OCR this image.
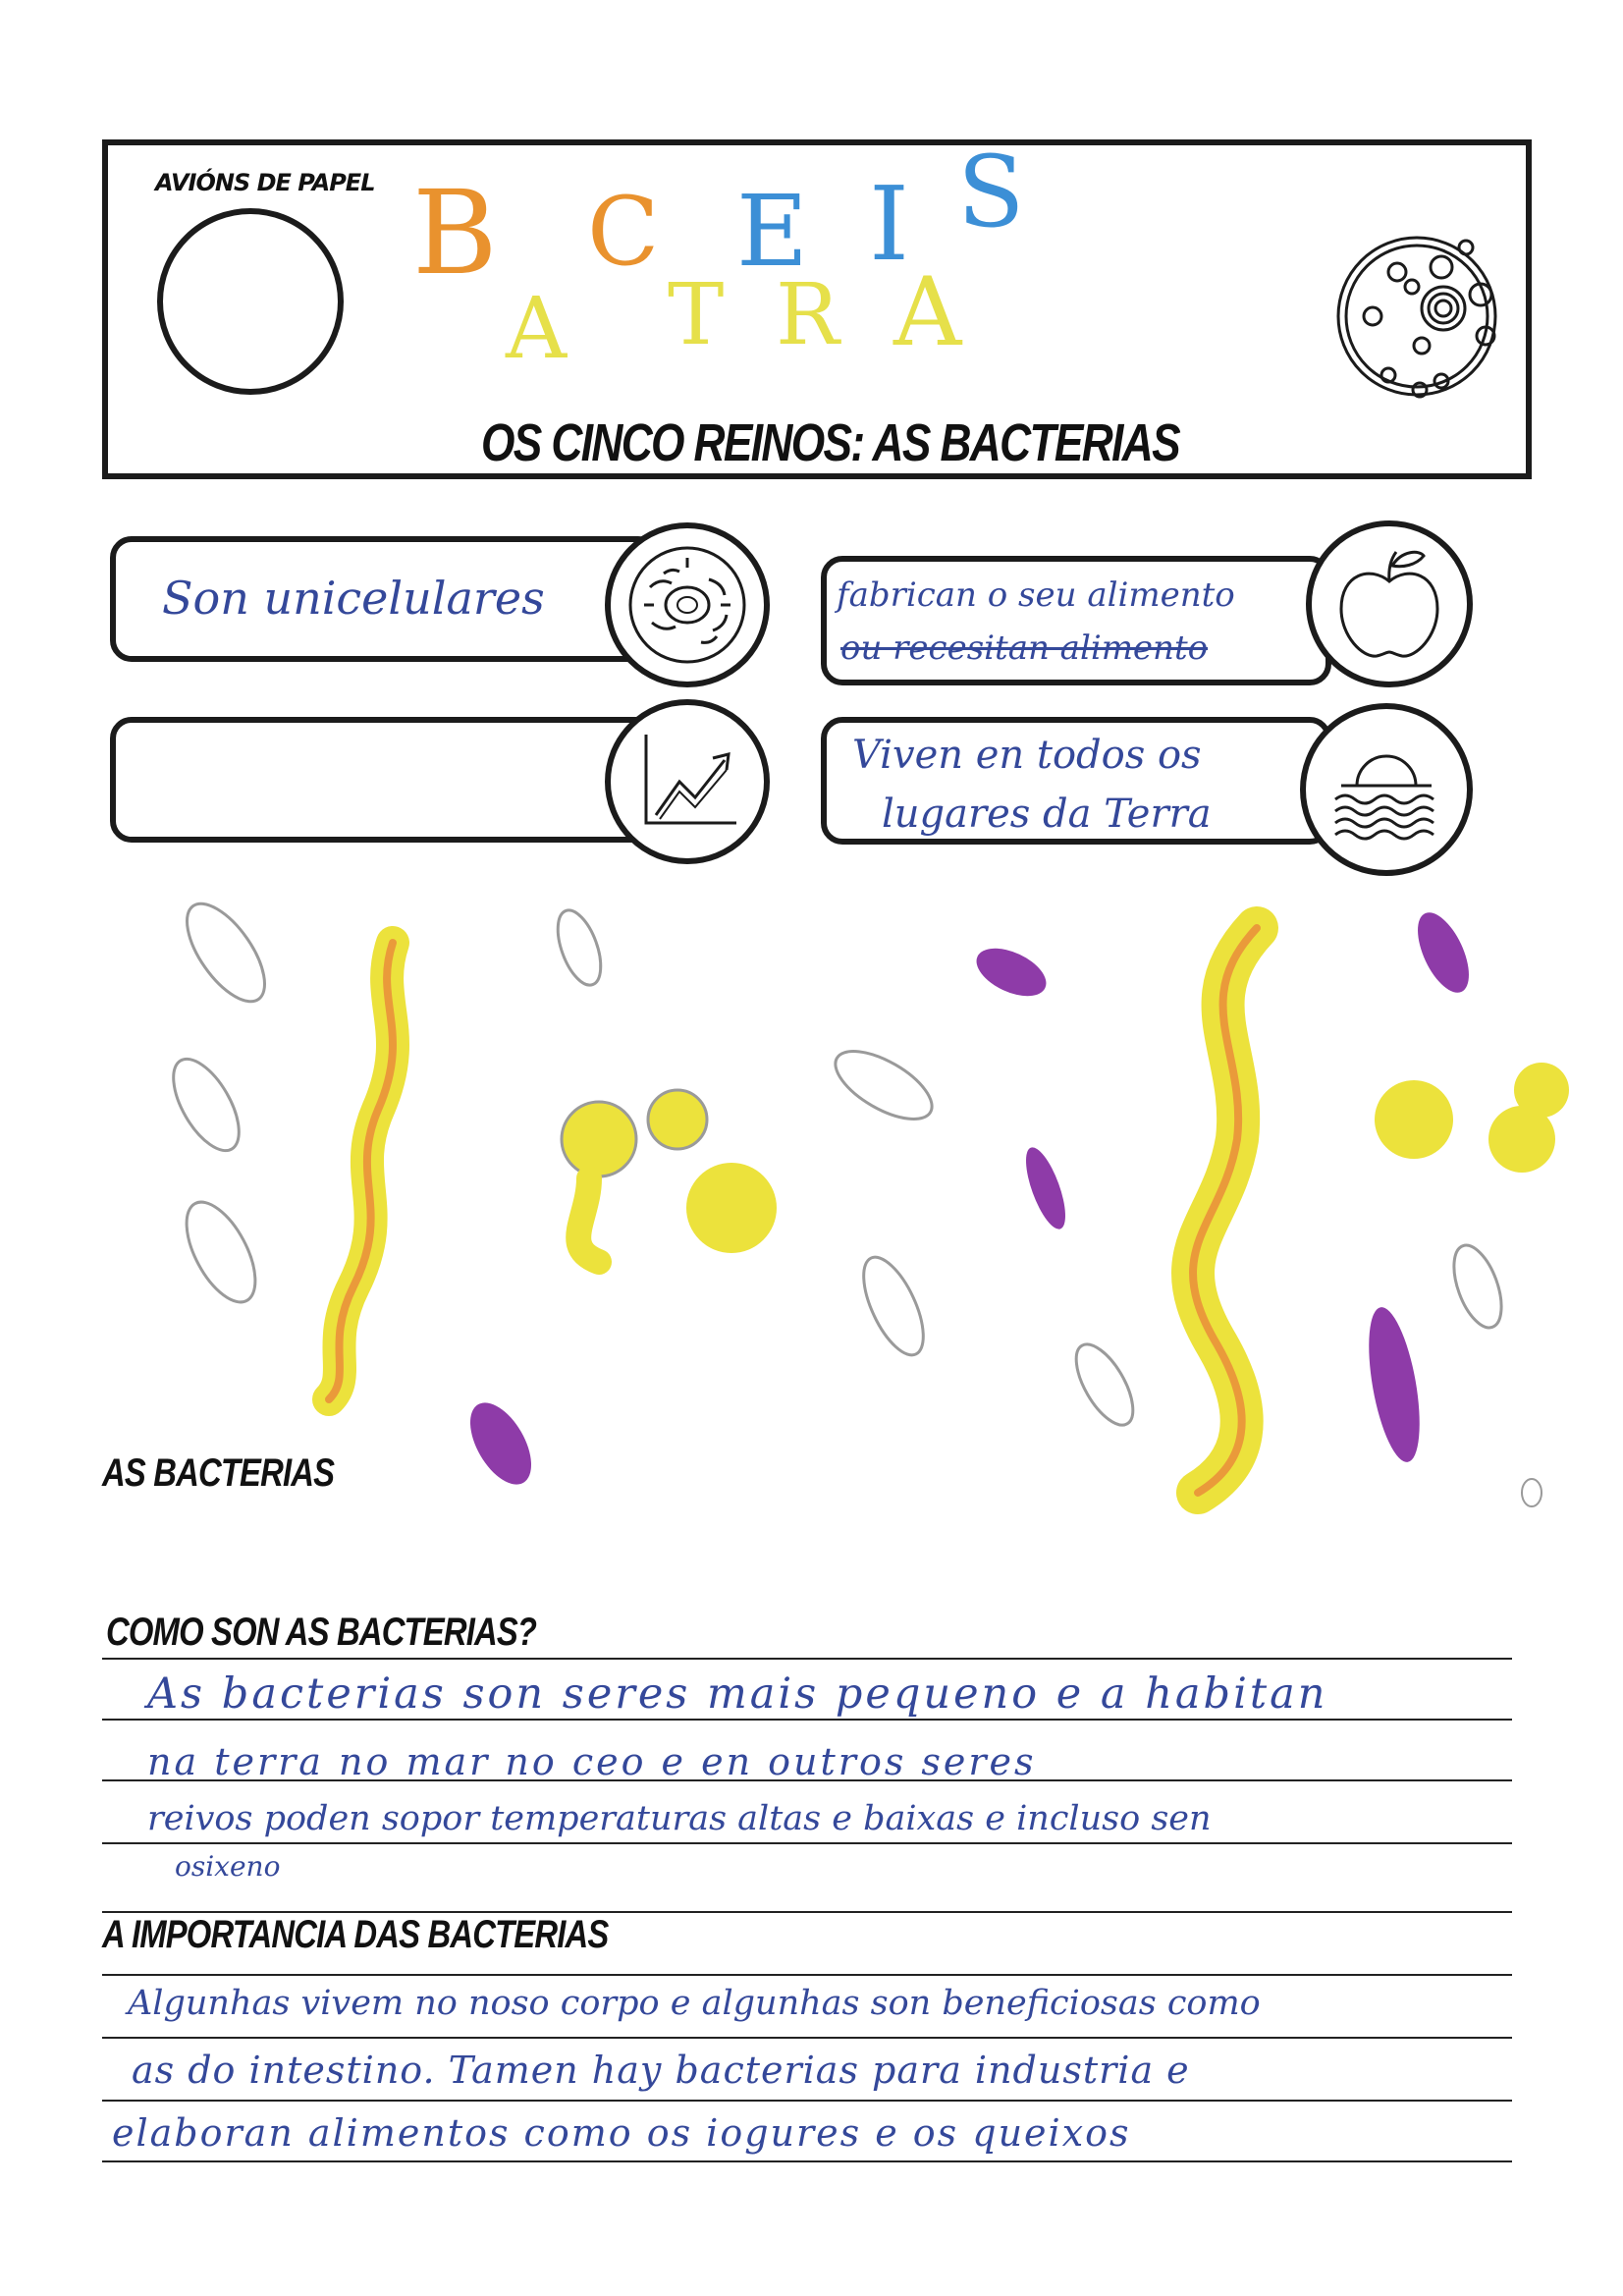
AVIÓNS DE PAPEL B C E I S
A T R A
OS CINCO REINOS: AS BACTERIAS
Son unicelulares	fabrican o seu alimento
ou recesitan alimento
Viven en todos os
lugares da Terra
AS BACTERIAS
COMO SON AS BACTERIAS?
As bacterias son seres mais pequeno e a habitan
na terra no mar no ceo e en outros seres
reivos poden sopor temperaturas altas e baixas e incluso sen
osixeno
A IMPORTANCIA DAS BACTERIAS
Algunhas vivem no noso corpo e algunhas son beneficiosas como
as do intestino. Tamen hay bacterias para industria e
elaboran alimentos como os iogures e os queixos
